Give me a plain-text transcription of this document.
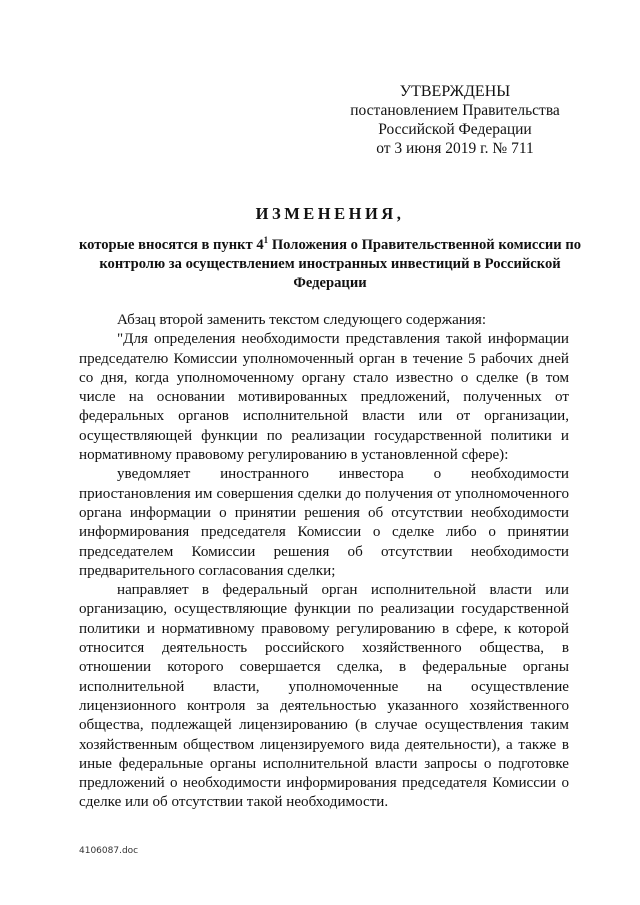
УТВЕРЖДЕНЫ
постановлением Правительства
Российской Федерации
от 3 июня 2019 г. № 711
ИЗМЕНЕНИЯ,
которые вносятся в пункт $4^1$ Положения о Правительственной комиссии по контролю за осуществлением иностранных инвестиций в Российской Федерации

Абзац второй заменить текстом следующего содержания:

"Для определения необходимости представления такой информации председателю Комиссии уполномоченный орган в течение 5 рабочих дней со дня, когда уполномоченному органу стало известно о сделке (в том числе на основании мотивированных предложений, полученных от федеральных органов исполнительной власти или от организации, осуществляющей функции по реализации государственной политики и нормативному правовому регулированию в установленной сфере):

уведомляет иностранного инвестора о необходимости приостановления им совершения сделки до получения от уполномоченного органа информации о принятии решения об отсутствии необходимости информирования председателя Комиссии о сделке либо о принятии председателем Комиссии решения об отсутствии необходимости предварительного согласования сделки;

направляет в федеральный орган исполнительной власти или организацию, осуществляющие функции по реализации государственной политики и нормативному правовому регулированию в сфере, к которой относится деятельность российского хозяйственного общества, в отношении которого совершается сделка, в федеральные органы исполнительной власти, уполномоченные на осуществление лицензионного контроля за деятельностью указанного хозяйственного общества, подлежащей лицензированию (в случае осуществления таким хозяйственным обществом лицензируемого вида деятельности), а также в иные федеральные органы исполнительной власти запросы о подготовке предложений о необходимости информирования председателя Комиссии о сделке или об отсутствии такой необходимости.

4106087.doc
